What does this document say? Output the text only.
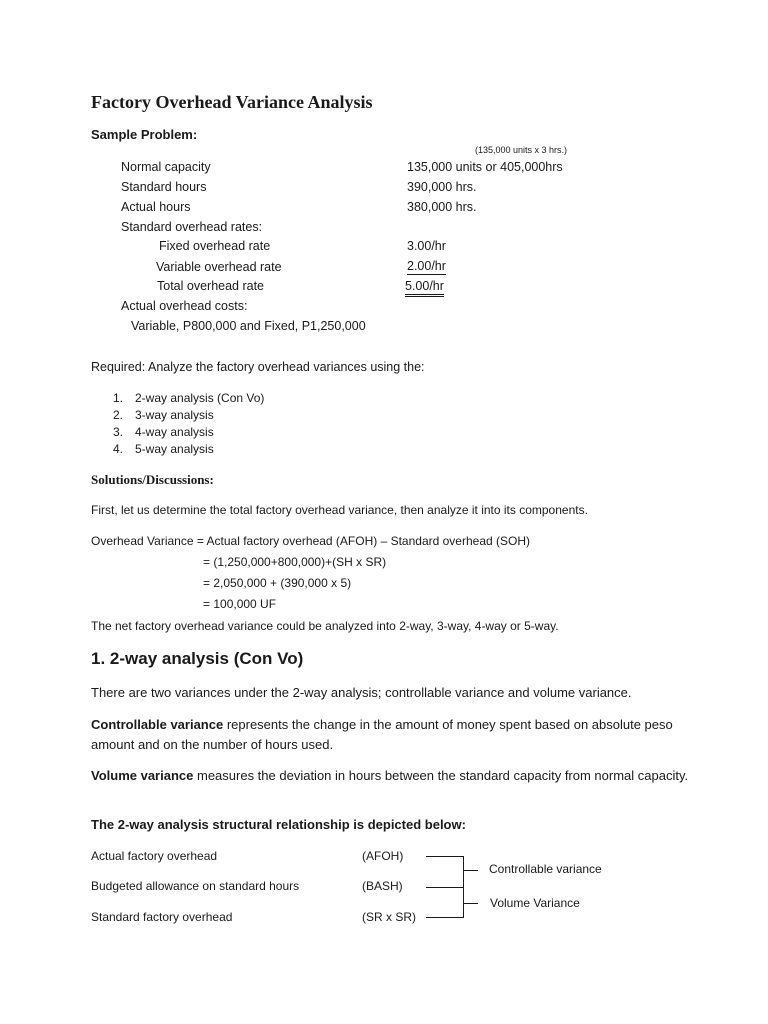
Factory Overhead Variance Analysis
Sample Problem:
(135,000 units x 3 hrs.)
Normal capacity	135,000 units or 405,000hrs
Standard hours	390,000 hrs.
Actual hours	380,000 hrs.
Standard overhead rates:
Fixed overhead rate	3.00/hr
Variable overhead rate	2.00/hr
Total overhead rate	5.00/hr
Actual overhead costs:
Variable, P800,000 and Fixed, P1,250,000
Required: Analyze the factory overhead variances using the:
1. 2-way analysis (Con Vo)
2. 3-way analysis
3. 4-way analysis
4. 5-way analysis
Solutions/Discussions:
First, let us determine the total factory overhead variance, then analyze it into its components.
Overhead Variance = Actual factory overhead (AFOH) – Standard overhead (SOH)
= (1,250,000+800,000)+(SH x SR)
= 2,050,000 + (390,000 x 5)
= 100,000 UF
The net factory overhead variance could be analyzed into 2-way, 3-way, 4-way or 5-way.
1. 2-way analysis (Con Vo)
There are two variances under the 2-way analysis; controllable variance and volume variance.
Controllable variance represents the change in the amount of money spent based on absolute peso amount and on the number of hours used.
Volume variance measures the deviation in hours between the standard capacity from normal capacity.
The 2-way analysis structural relationship is depicted below:
Actual factory overhead	(AFOH)
Budgeted allowance on standard hours	(BASH)
Standard factory overhead	(SR x SR)
Controllable variance
Volume Variance
